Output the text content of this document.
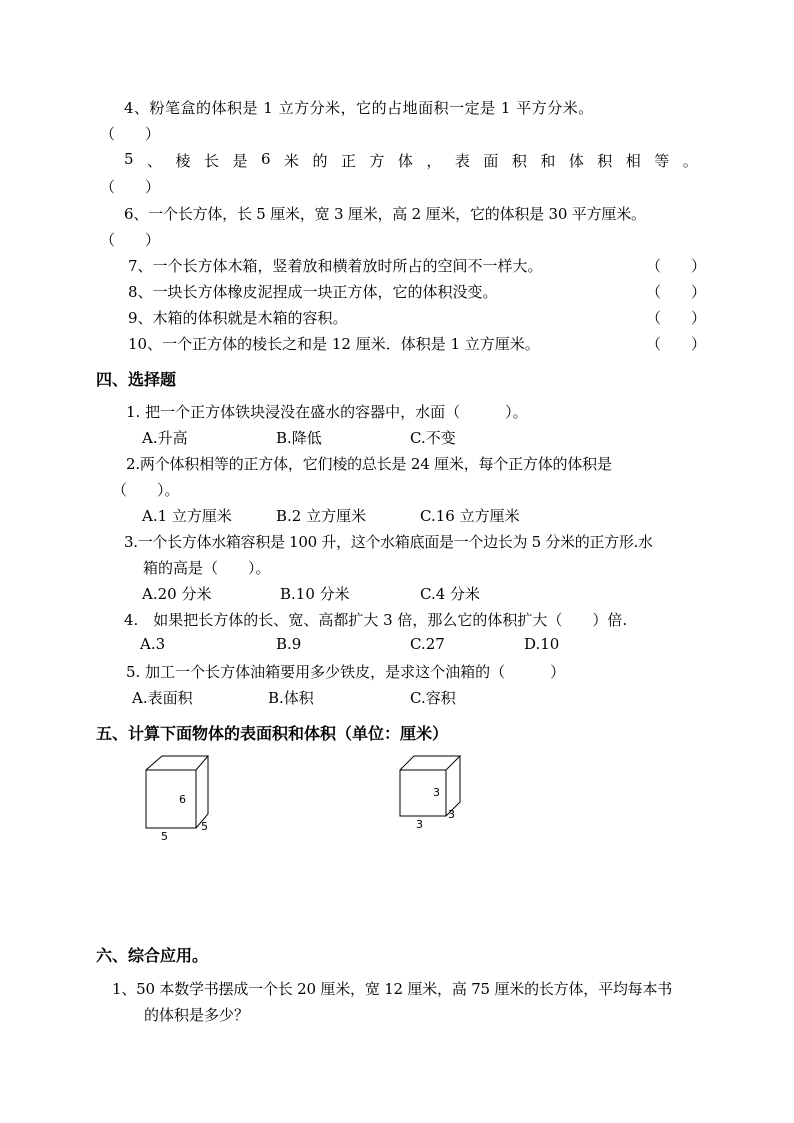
4、粉笔盒的体积是 1 立方分米，它的占地面积一定是 1 平方分米。
（　　）
5 、 棱 长 是 6 米 的 正 方 体 ， 表 面 积 和 体 积 相 等 。
（　　）
6、一个长方体，长 5 厘米，宽 3 厘米，高 2 厘米，它的体积是 30 平方厘米。
（　　）
7、一个长方体木箱，竖着放和横着放时所占的空间不一样大。	（　　）
8、一块长方体橡皮泥捏成一块正方体，它的体积没变。	（　　）
9、木箱的体积就是木箱的容积。	（　　）
10、一个正方体的棱长之和是 12 厘米．体积是 1 立方厘米。	（　　）
四、选择题
1. 把一个正方体铁块浸没在盛水的容器中，水面（　　　）。
A.升高	B.降低	C.不变
2.两个体积相等的正方体，它们棱的总长是 24 厘米，每个正方体的体积是
（　　）。
A.1 立方厘米	B.2 立方厘米	C.16 立方厘米
3.一个长方体水箱容积是 100 升，这个水箱底面是一个边长为 5 分米的正方形.水
箱的高是（　　）。
A.20 分米	B.10 分米	C.4 分米
4.　如果把长方体的长、宽、高都扩大 3 倍，那么它的体积扩大（　　）倍.
A.3	B.9	C.27	D.10
5. 加工一个长方体油箱要用多少铁皮，是求这个油箱的（　　　）
A.表面积	B.体积	C.容积
五、计算下面物体的表面积和体积（单位：厘米）
6
5
5
3
3
3
六、综合应用。
1、50 本数学书摆成一个长 20 厘米，宽 12 厘米，高 75 厘米的长方体，平均每本书
的体积是多少？
